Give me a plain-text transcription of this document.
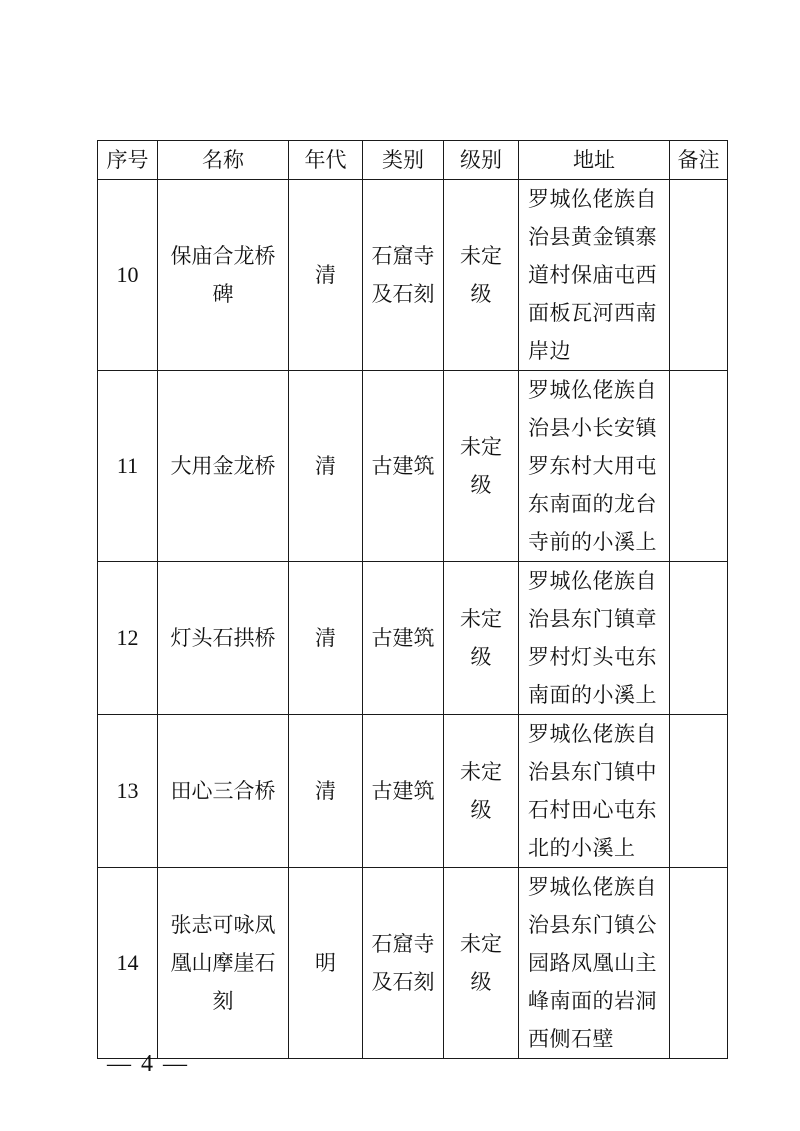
序号	名称	年代	类别	级别	地址	备注
10	保庙合龙桥碑	清	石窟寺及石刻	未定级	罗城仫佬族自治县黄金镇寨道村保庙屯西面板瓦河西南岸边	

11	大用金龙桥	清	古建筑	未定级	罗城仫佬族自治县小长安镇罗东村大用屯东南面的龙台寺前的小溪上	

12	灯头石拱桥	清	古建筑	未定级	罗城仫佬族自治县东门镇章罗村灯头屯东南面的小溪上	

13	田心三合桥	清	古建筑	未定级	罗城仫佬族自治县东门镇中石村田心屯东北的小溪上	

14	张志可咏凤凰山摩崖石刻	明	石窟寺及石刻	未定级	罗城仫佬族自治县东门镇公园路凤凰山主峰南面的岩洞西侧石壁	

— 4 —
